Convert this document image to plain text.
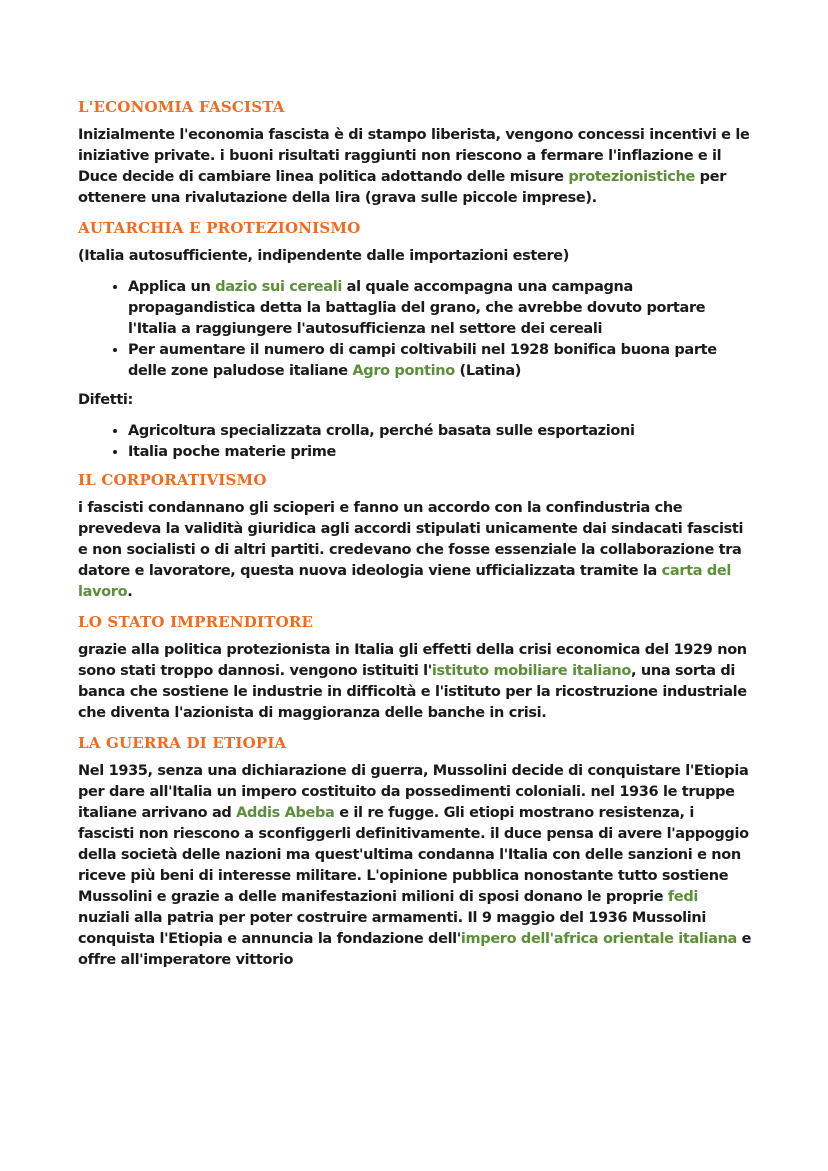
L'ECONOMIA FASCISTA

Inizialmente l'economia fascista è di stampo liberista, vengono concessi incentivi e le iniziative private. i buoni risultati raggiunti non riescono a fermare l'inflazione e il Duce decide di cambiare linea politica adottando delle misure protezionistiche per ottenere una rivalutazione della lira (grava sulle piccole imprese).

AUTARCHIA E PROTEZIONISMO

(Italia autosufficiente, indipendente dalle importazioni estere)

• Applica un dazio sui cereali al quale accompagna una campagna propagandistica detta la battaglia del grano, che avrebbe dovuto portare l'Italia a raggiungere l'autosufficienza nel settore dei cereali
• Per aumentare il numero di campi coltivabili nel 1928 bonifica buona parte delle zone paludose italiane Agro pontino (Latina)

Difetti:

• Agricoltura specializzata crolla, perché basata sulle esportazioni
• Italia poche materie prime
IL CORPORATIVISMO

i fascisti condannano gli scioperi e fanno un accordo con la confindustria che prevedeva la validità giuridica agli accordi stipulati unicamente dai sindacati fascisti e non socialisti o di altri partiti. credevano che fosse essenziale la collaborazione tra datore e lavoratore, questa nuova ideologia viene ufficializzata tramite la carta del lavoro.

LO STATO IMPRENDITORE

grazie alla politica protezionista in Italia gli effetti della crisi economica del 1929 non sono stati troppo dannosi. vengono istituiti l'istituto mobiliare italiano, una sorta di banca che sostiene le industrie in difficoltà e l'istituto per la ricostruzione industriale che diventa l'azionista di maggioranza delle banche in crisi.

LA GUERRA DI ETIOPIA

Nel 1935, senza una dichiarazione di guerra, Mussolini decide di conquistare l'Etiopia per dare all'Italia un impero costituito da possedimenti coloniali. nel 1936 le truppe italiane arrivano ad Addis Abeba e il re fugge. Gli etiopi mostrano resistenza, i fascisti non riescono a sconfiggerli definitivamente. il duce pensa di avere l'appoggio della società delle nazioni ma quest'ultima condanna l'Italia con delle sanzioni e non riceve più beni di interesse militare. L'opinione pubblica nonostante tutto sostiene Mussolini e grazie a delle manifestazioni milioni di sposi donano le proprie fedi nuziali alla patria per poter costruire armamenti. Il 9 maggio del 1936 Mussolini conquista l'Etiopia e annuncia la fondazione dell'impero dell'africa orientale italiana e offre all'imperatore vittorio
